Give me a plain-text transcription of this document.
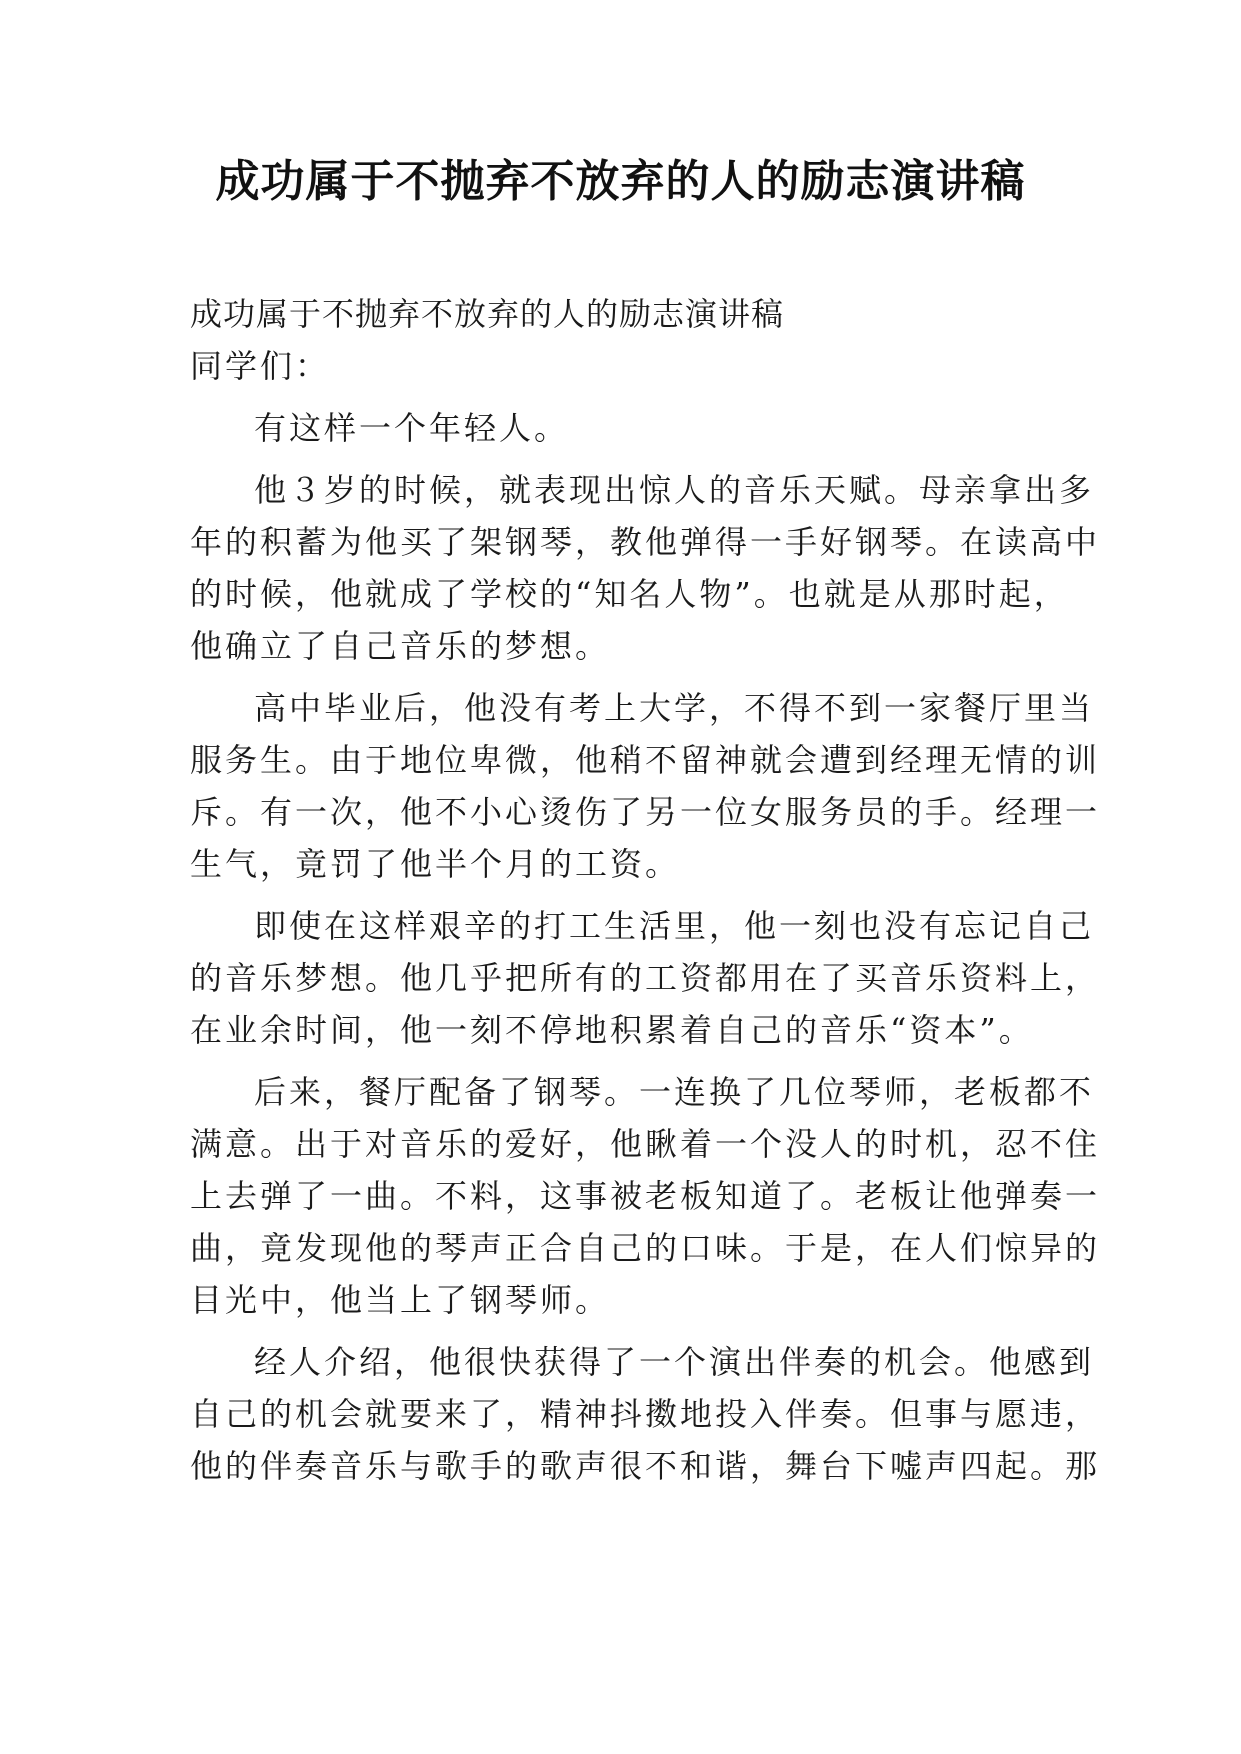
成功属于不抛弃不放弃的人的励志演讲稿
成功属于不抛弃不放弃的人的励志演讲稿
同学们：
有这样一个年轻人。
他３岁的时候，就表现出惊人的音乐天赋。母亲拿出多
年的积蓄为他买了架钢琴，教他弹得一手好钢琴。在读高中
的时候，他就成了学校的“知名人物”。也就是从那时起，
他确立了自己音乐的梦想。
高中毕业后，他没有考上大学，不得不到一家餐厅里当
服务生。由于地位卑微，他稍不留神就会遭到经理无情的训
斥。有一次，他不小心烫伤了另一位女服务员的手。经理一
生气，竟罚了他半个月的工资。
即使在这样艰辛的打工生活里，他一刻也没有忘记自己
的音乐梦想。他几乎把所有的工资都用在了买音乐资料上，
在业余时间，他一刻不停地积累着自己的音乐“资本”。
后来，餐厅配备了钢琴。一连换了几位琴师，老板都不
满意。出于对音乐的爱好，他瞅着一个没人的时机，忍不住
上去弹了一曲。不料，这事被老板知道了。老板让他弹奏一
曲，竟发现他的琴声正合自己的口味。于是，在人们惊异的
目光中，他当上了钢琴师。
经人介绍，他很快获得了一个演出伴奏的机会。他感到
自己的机会就要来了，精神抖擞地投入伴奏。但事与愿违，
他的伴奏音乐与歌手的歌声很不和谐，舞台下嘘声四起。那
